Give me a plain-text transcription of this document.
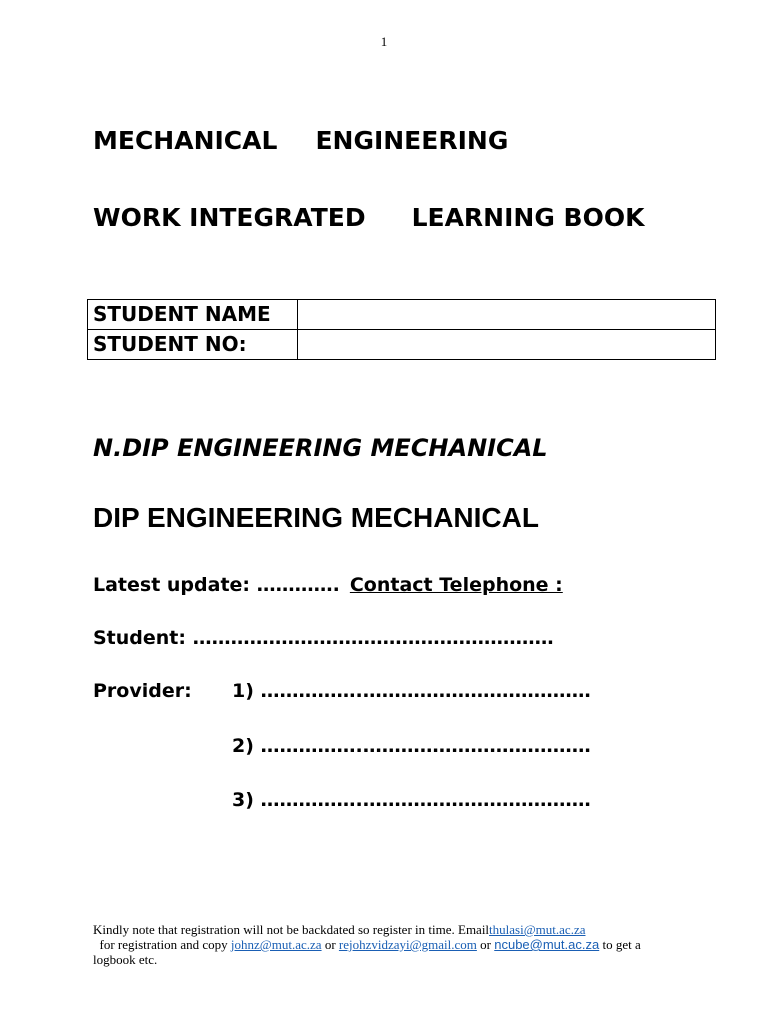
1
MECHANICAL ENGINEERING
WORK INTEGRATED LEARNING BOOK
STUDENT NAME	
STUDENT NO:	
N.DIP ENGINEERING MECHANICAL
DIP ENGINEERING MECHANICAL
Latest update: …………. Contact Telephone :
Student: …………………………………………………
Provider: 1) …………….………………………………
2) …………….………………………………
3) …………….………………………………
Kindly note that registration will not be backdated so register in time. Emailthulasi@mut.ac.za  for registration and copy johnz@mut.ac.za or rejohzvidzayi@gmail.com or ncube@mut.ac.za to get a logbook etc.
